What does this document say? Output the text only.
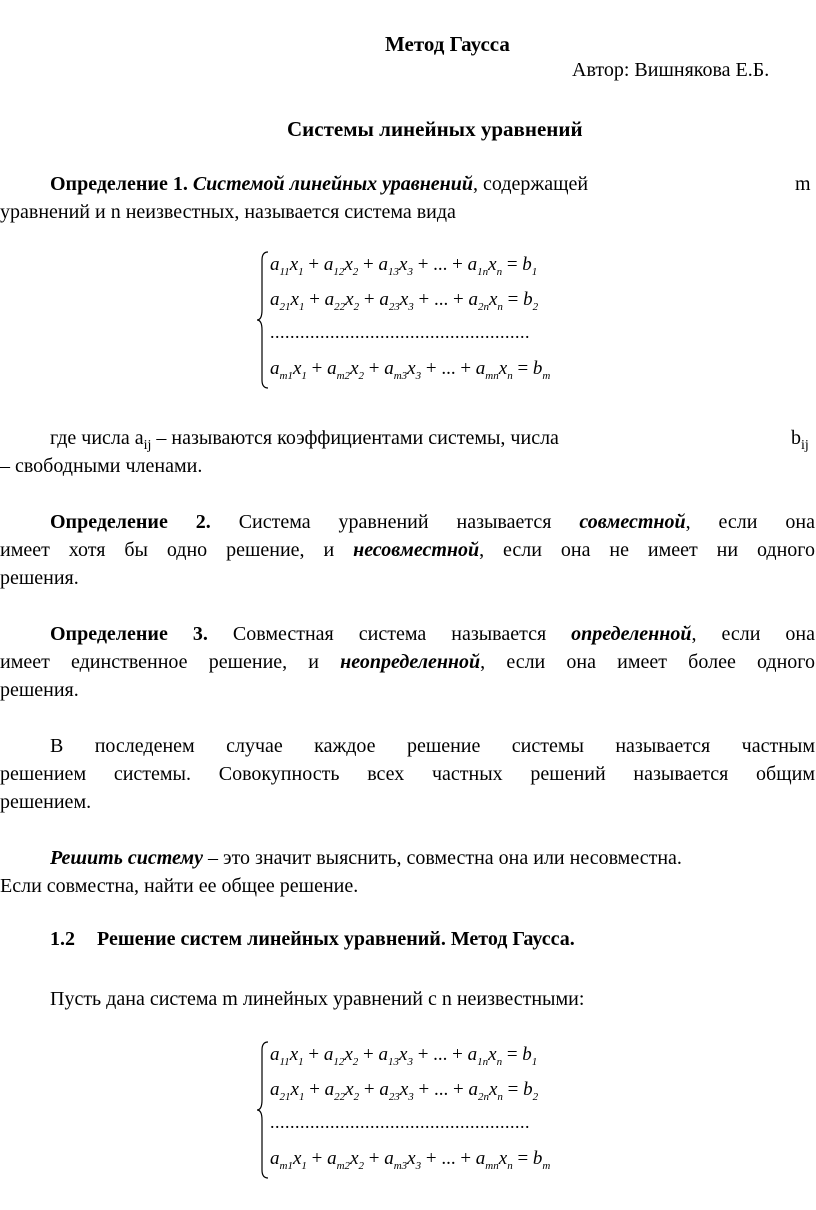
Метод Гаусса
Автор: Вишнякова Е.Б.
Системы линейных уравнений
Определение 1. Системой линейных уравнений, содержащей	m
уравнений и n неизвестных, называется система вида
$a_{11}x_1 + a_{12}x_2 + a_{13}x_3$ + ... + $a_{1n}x_n = b_1$
$a_{21}x_1 + a_{22}x_2 + a_{23}x_3$ + ... + $a_{2n}x_n = b_2$
....................................................
$a_{m1}x_1 + a_{m2}x_2 + a_{m3}x_3$ + ... + $a_{mn}x_n = b_m$
где числа $a_{ij}$ – называются коэффициентами системы, числа	$b_{ij}$
– свободными членами.
Определение 2. Система уравнений называется совместной, если она
имеет хотя бы одно решение, и несовместной, если она не имеет ни одного
решения.
Определение 3. Совместная система называется определенной, если она
имеет единственное решение, и неопределенной, если она имеет более одного
решения.
В последенем случае каждое решение системы называется частным
решением системы. Совокупность всех частных решений называется общим
решением.
Решить систему – это значит выяснить, совместна она или несовместна.
Если совместна, найти ее общее решение.
1.2 Решение систем линейных уравнений. Метод Гаусса.
Пусть дана система m линейных уравнений с n неизвестными:
$a_{11}x_1 + a_{12}x_2 + a_{13}x_3$ + ... + $a_{1n}x_n = b_1$
$a_{21}x_1 + a_{22}x_2 + a_{23}x_3$ + ... + $a_{2n}x_n = b_2$
....................................................
$a_{m1}x_1 + a_{m2}x_2 + a_{m3}x_3$ + ... + $a_{mn}x_n = b_m$
